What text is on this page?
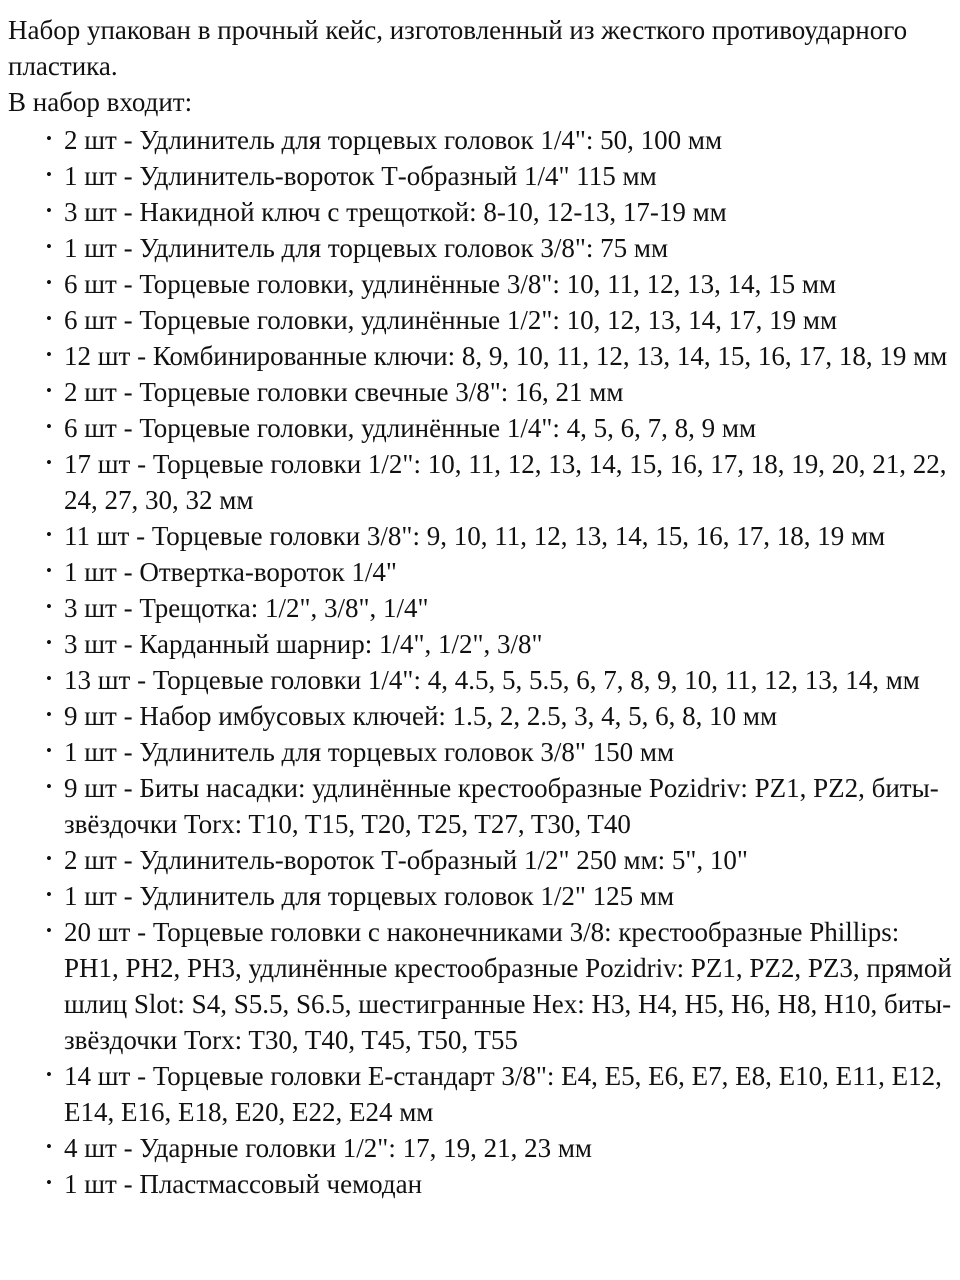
Набор упакован в прочный кейс, изготовленный из жесткого противоударного пластика.

В набор входит:

• 2 шт - Удлинитель для торцевых головок 1/4": 50, 100 мм
• 1 шт - Удлинитель-вороток Т-образный 1/4" 115 мм
• 3 шт - Накидной ключ с трещоткой: 8-10, 12-13, 17-19 мм
• 1 шт - Удлинитель для торцевых головок 3/8": 75 мм
• 6 шт - Торцевые головки, удлинённые 3/8": 10, 11, 12, 13, 14, 15 мм
• 6 шт - Торцевые головки, удлинённые 1/2": 10, 12, 13, 14, 17, 19 мм
• 12 шт - Комбинированные ключи: 8, 9, 10, 11, 12, 13, 14, 15, 16, 17, 18, 19 мм
• 2 шт - Торцевые головки свечные 3/8": 16, 21 мм
• 6 шт - Торцевые головки, удлинённые 1/4": 4, 5, 6, 7, 8, 9 мм
• 17 шт - Торцевые головки 1/2": 10, 11, 12, 13, 14, 15, 16, 17, 18, 19, 20, 21, 22, 24, 27, 30, 32 мм
• 11 шт - Торцевые головки 3/8": 9, 10, 11, 12, 13, 14, 15, 16, 17, 18, 19 мм
• 1 шт - Отвертка-вороток 1/4"
• 3 шт - Трещотка: 1/2", 3/8", 1/4"
• 3 шт - Карданный шарнир: 1/4", 1/2", 3/8"
• 13 шт - Торцевые головки 1/4": 4, 4.5, 5, 5.5, 6, 7, 8, 9, 10, 11, 12, 13, 14, мм
• 9 шт - Набор имбусовых ключей: 1.5, 2, 2.5, 3, 4, 5, 6, 8, 10 мм
• 1 шт - Удлинитель для торцевых головок 3/8" 150 мм
• 9 шт - Биты насадки: удлинённые крестообразные Pozidriv: PZ1, PZ2, биты-звёздочки Torx: T10, T15, T20, T25, T27, T30, T40
• 2 шт - Удлинитель-вороток Т-образный 1/2" 250 мм: 5", 10"
• 1 шт - Удлинитель для торцевых головок 1/2" 125 мм
• 20 шт - Торцевые головки с наконечниками 3/8: крестообразные Phillips: PH1, PH2, PH3, удлинённые крестообразные Pozidriv: PZ1, PZ2, PZ3, прямой шлиц Slot: S4, S5.5, S6.5, шестигранные Hex: H3, H4, H5, H6, H8, H10, биты-звёздочки Torx: T30, T40, T45, T50, T55
• 14 шт - Торцевые головки Е-стандарт 3/8": E4, E5, E6, E7, E8, E10, E11, E12, E14, E16, E18, E20, E22, E24 мм
• 4 шт - Ударные головки 1/2": 17, 19, 21, 23 мм
• 1 шт - Пластмассовый чемодан
